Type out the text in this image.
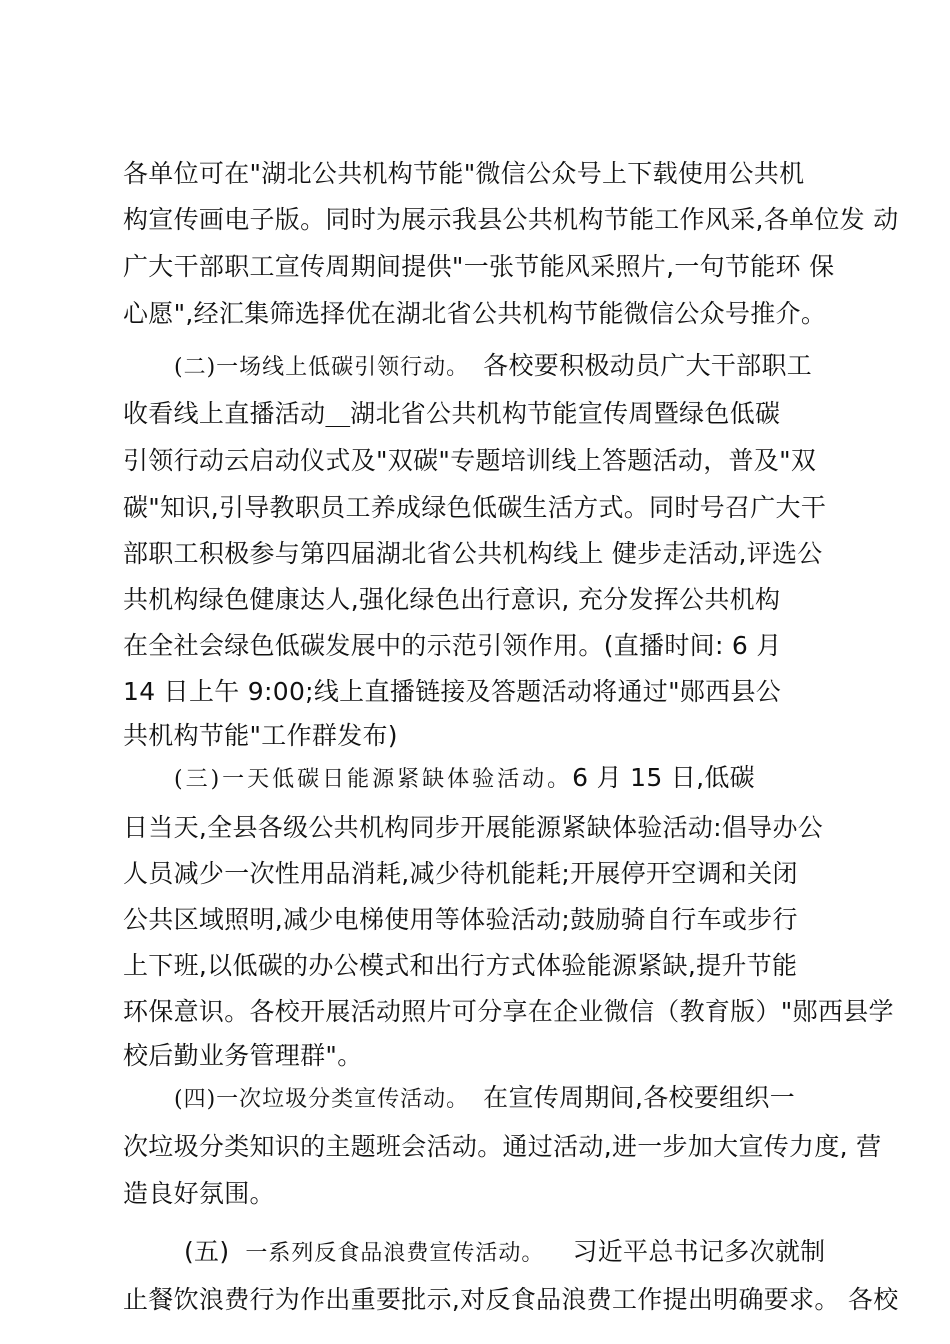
各单位可在"湖北公共机构节能"微信公众号上下载使用公共机
构宣传画电子版。同时为展示我县公共机构节能工作风采,各单位发 动
广大干部职工宣传周期间提供"一张节能风采照片,一句节能环 保
心愿",经汇集筛选择优在湖北省公共机构节能微信公众号推介。
(二)一场线上低碳引领行动。 各校要积极动员广大干部职工
收看线上直播活动 湖北省公共机构节能宣传周暨绿色低碳
引领行动云启动仪式及"双碳"专题培训线上答题活动，普及"双
碳"知识,引导教职员工养成绿色低碳生活方式。同时号召广大干
部职工积极参与第四届湖北省公共机构线上 健步走活动,评选公
共机构绿色健康达人,强化绿色出行意识, 充分发挥公共机构
在全社会绿色低碳发展中的示范引领作用。(直播时间: 6 月
14 日上午 9:00;线上直播链接及答题活动将通过"郧西县公
共机构节能"工作群发布)
(三)一天低碳日能源紧缺体验活动。6 月 15 日,低碳
日当天,全县各级公共机构同步开展能源紧缺体验活动:倡导办公
人员减少一次性用品消耗,减少待机能耗;开展停开空调和关闭
公共区域照明,减少电梯使用等体验活动;鼓励骑自行车或步行
上下班,以低碳的办公模式和出行方式体验能源紧缺,提升节能
环保意识。各校开展活动照片可分享在企业微信（教育版）"郧西县学
校后勤业务管理群"。
(四)一次垃圾分类宣传活动。 在宣传周期间,各校要组织一
次垃圾分类知识的主题班会活动。通过活动,进一步加大宣传力度, 营
造良好氛围。
(五) 一系列反食品浪费宣传活动。 习近平总书记多次就制
止餐饮浪费行为作出重要批示,对反食品浪费工作提出明确要求。 各校
